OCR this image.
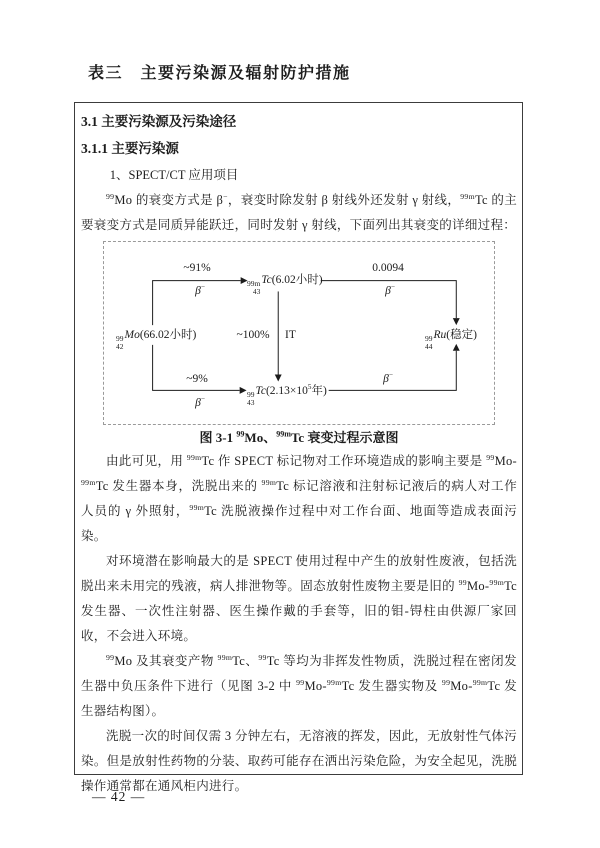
表三　主要污染源及辐射防护措施
3.1 主要污染源及污染途径
3.1.1 主要污染源
1、SPECT/CT 应用项目

$^{99}$Mo 的衰变方式是 β−，衰变时除发射 β 射线外还发射 γ 射线，$^{99m}$Tc 的主要衰变方式是同质异能跃迁，同时发射 γ 射线，下面列出其衰变的详细过程：

99
42
Mo(66.02小时)
99m
43
Tc(6.02小时)
99
43
$Tc(2.13\times 10^5$年)
99
44
Ru(稳定)
~91%
β−
0.0094
β−
~100% IT
~9%
β−
β−

图 3-1 $^{99}$Mo、$^{99m}$Tc 衰变过程示意图

由此可见，用 $^{99m}$Tc 作 SPECT 标记物对工作环境造成的影响主要是 $^{99}$Mo-$^{99m}$Tc 发生器本身，洗脱出来的 $^{99m}$Tc 标记溶液和注射标记液后的病人对工作人员的 γ 外照射，$^{99m}$Tc 洗脱液操作过程中对工作台面、地面等造成表面污染。

对环境潜在影响最大的是 SPECT 使用过程中产生的放射性废液，包括洗脱出来未用完的残液，病人排泄物等。固态放射性废物主要是旧的 $^{99}$Mo-$^{99m}$Tc 发生器、一次性注射器、医生操作戴的手套等，旧的钼-锝柱由供源厂家回收，不会进入环境。

$^{99}$Mo 及其衰变产物 $^{99m}$Tc、$^{99}$Tc 等均为非挥发性物质，洗脱过程在密闭发生器中负压条件下进行（见图 3-2 中 $^{99}$Mo-$^{99m}$Tc 发生器实物及 $^{99}$Mo-$^{99m}$Tc 发生器结构图）。

洗脱一次的时间仅需 3 分钟左右，无溶液的挥发，因此，无放射性气体污染。但是放射性药物的分装、取药可能存在洒出污染危险，为安全起见，洗脱操作通常都在通风柜内进行。

— 42 —
